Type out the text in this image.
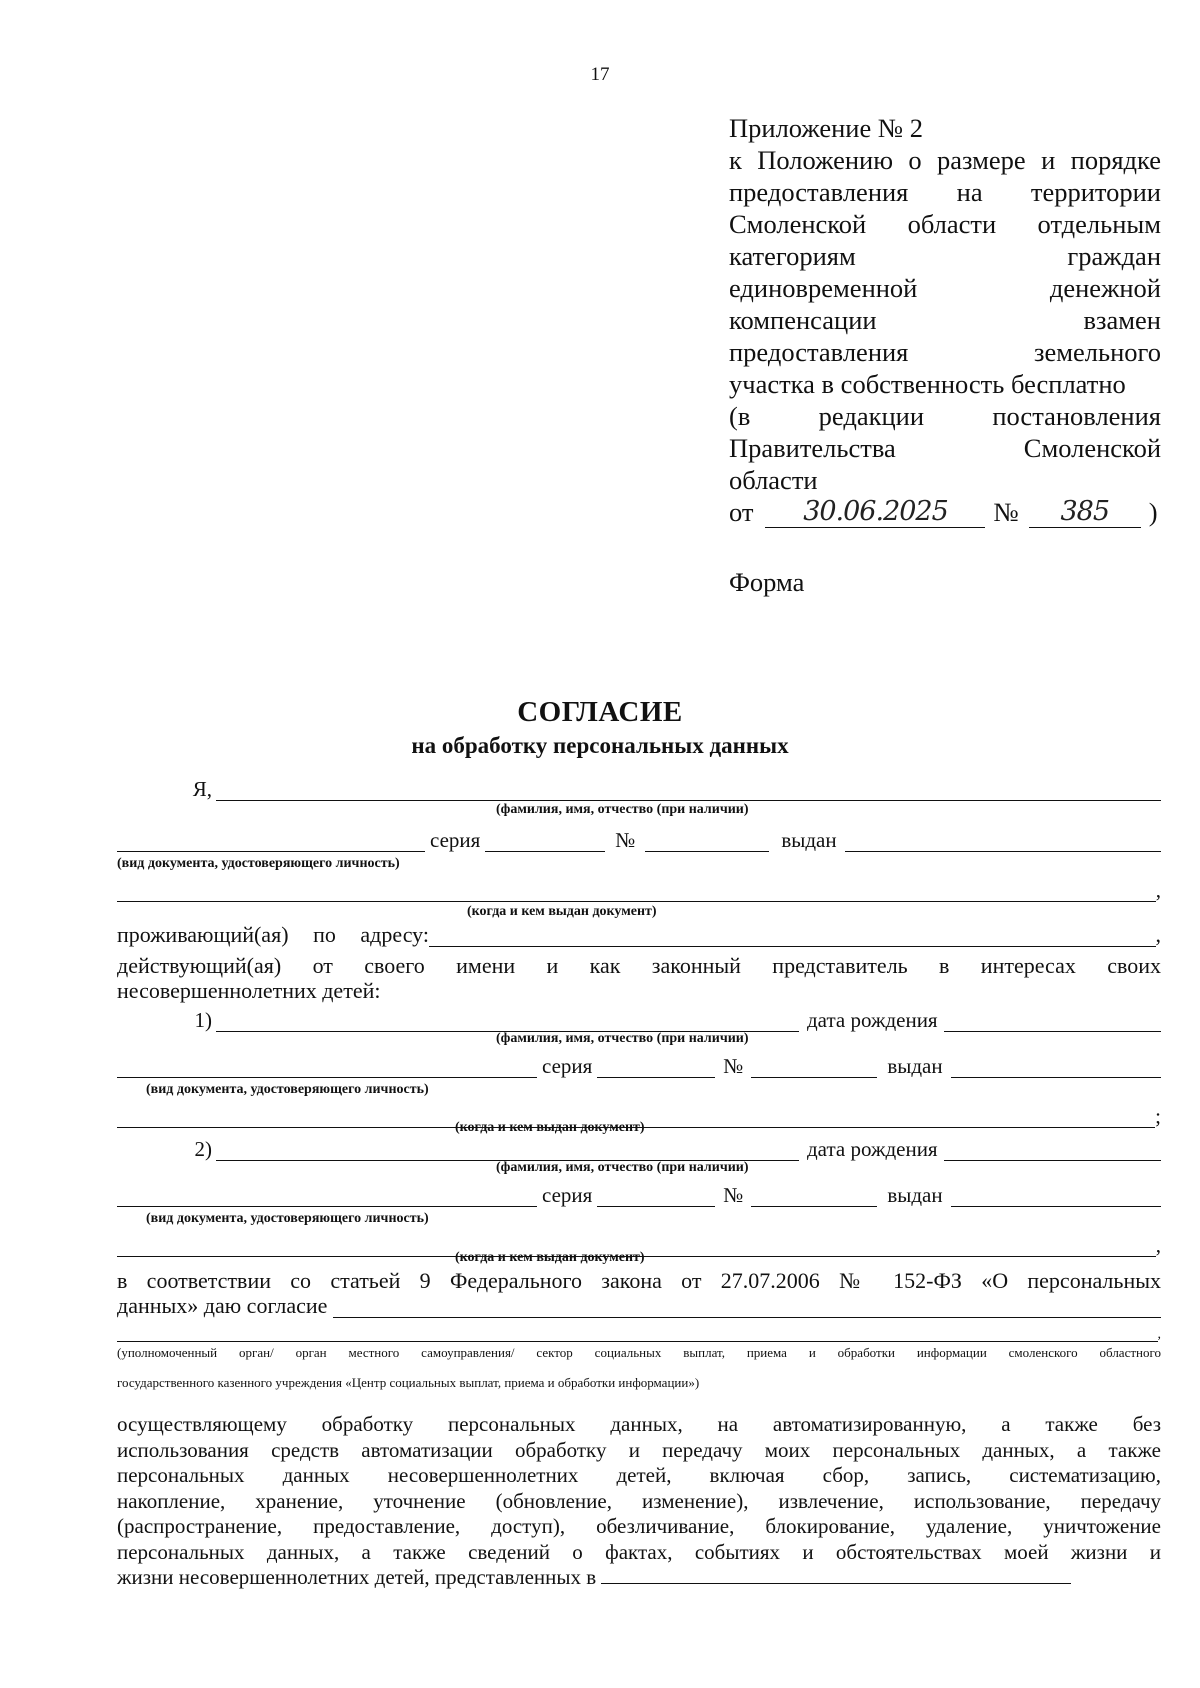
17
Приложение № 2
к Положению о размере и порядке
предоставления на территории
Смоленской области отдельным
категориям граждан
единовременной денежной
компенсации взамен
предоставления земельного
участка в собственность бесплатно
(в редакции постановления
Правительства Смоленской
области
от	30.06.2025	№	385	)
Форма
СОГЛАСИЕ
на обработку персональных данных
Я,
(фамилия, имя, отчество (при наличии)
серия	№	выдан
(вид документа, удостоверяющего личность)
,
(когда и кем выдан документ)
проживающий(ая) по адресу:	,
действующий(ая) от своего имени и как законный представитель в интересах своих
несовершеннолетних детей:
1)	дата рождения
(фамилия, имя, отчество (при наличии)
серия	№	выдан
(вид документа, удостоверяющего личность)
;
(когда и кем выдан документ)
2)	дата рождения
(фамилия, имя, отчество (при наличии)
серия	№	выдан
(вид документа, удостоверяющего личность)
,
(когда и кем выдан документ)
в соответствии со статьей 9 Федерального закона от 27.07.2006 № 152-ФЗ «О персональных
данных» даю согласие
,
(уполномоченный орган/ орган местного самоуправления/ сектор социальных выплат, приема и обработки информации смоленского областного
государственного казенного учреждения «Центр социальных выплат, приема и обработки информации»)
осуществляющему обработку персональных данных, на автоматизированную, а также без
использования средств автоматизации обработку и передачу моих персональных данных, а также
персональных данных несовершеннолетних детей, включая сбор, запись, систематизацию,
накопление, хранение, уточнение (обновление, изменение), извлечение, использование, передачу
(распространение, предоставление, доступ), обезличивание, блокирование, удаление, уничтожение
персональных данных, а также сведений о фактах, событиях и обстоятельствах моей жизни и
жизни несовершеннолетних детей, представленных в
